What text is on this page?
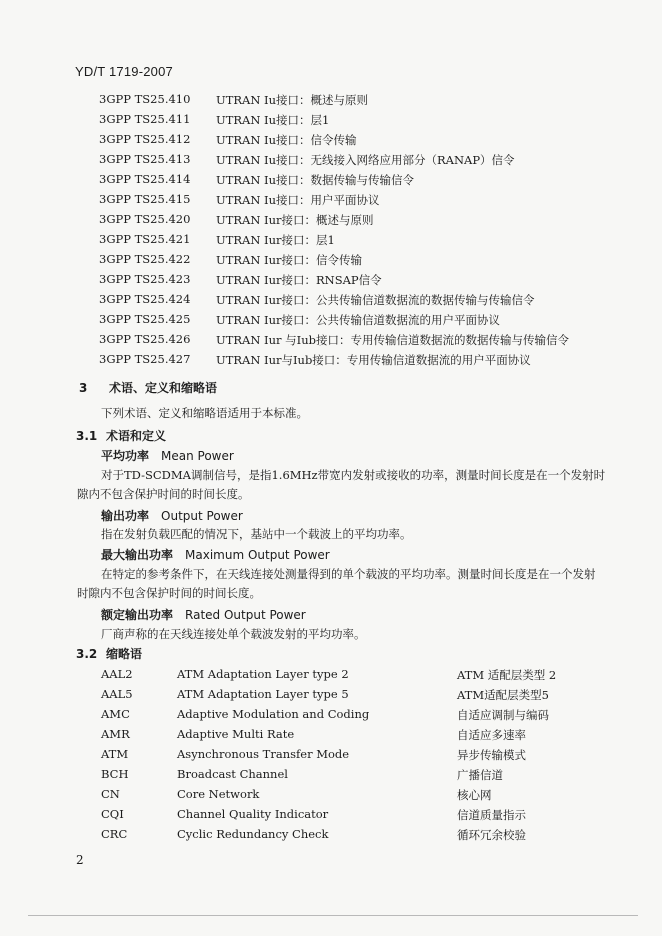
YD/T 1719-2007
3GPP TS25.410 UTRAN Iu接口：概述与原则
3GPP TS25.411 UTRAN Iu接口：层1
3GPP TS25.412 UTRAN Iu接口：信令传输
3GPP TS25.413 UTRAN Iu接口：无线接入网络应用部分（RANAP）信令
3GPP TS25.414 UTRAN Iu接口：数据传输与传输信令
3GPP TS25.415 UTRAN Iu接口：用户平面协议
3GPP TS25.420 UTRAN Iur接口：概述与原则
3GPP TS25.421 UTRAN Iur接口：层1
3GPP TS25.422 UTRAN Iur接口：信令传输
3GPP TS25.423 UTRAN Iur接口：RNSAP信令
3GPP TS25.424 UTRAN Iur接口：公共传输信道数据流的数据传输与传输信令
3GPP TS25.425 UTRAN Iur接口：公共传输信道数据流的用户平面协议
3GPP TS25.426 UTRAN Iur 与Iub接口：专用传输信道数据流的数据传输与传输信令
3GPP TS25.427 UTRAN Iur与Iub接口：专用传输信道数据流的用户平面协议
3 术语、定义和缩略语
下列术语、定义和缩略语适用于本标准。
3.1 术语和定义
平均功率 Mean Power
对于TD-SCDMA调制信号，是指1.6MHz带宽内发射或接收的功率，测量时间长度是在一个发射时
隙内不包含保护时间的时间长度。
输出功率 Output Power
指在发射负载匹配的情况下，基站中一个载波上的平均功率。
最大输出功率 Maximum Output Power
在特定的参考条件下，在天线连接处测量得到的单个载波的平均功率。测量时间长度是在一个发射
时隙内不包含保护时间的时间长度。
额定输出功率 Rated Output Power
厂商声称的在天线连接处单个载波发射的平均功率。
3.2 缩略语
AAL2	ATM Adaptation Layer type 2	ATM 适配层类型 2
AAL5	ATM Adaptation Layer type 5	ATM适配层类型5
AMC	Adaptive Modulation and Coding	自适应调制与编码
AMR	Adaptive Multi Rate	自适应多速率
ATM	Asynchronous Transfer Mode	异步传输模式
BCH	Broadcast Channel	广播信道
CN	Core Network	核心网
CQI	Channel Quality Indicator	信道质量指示
CRC	Cyclic Redundancy Check	循环冗余校验
2
